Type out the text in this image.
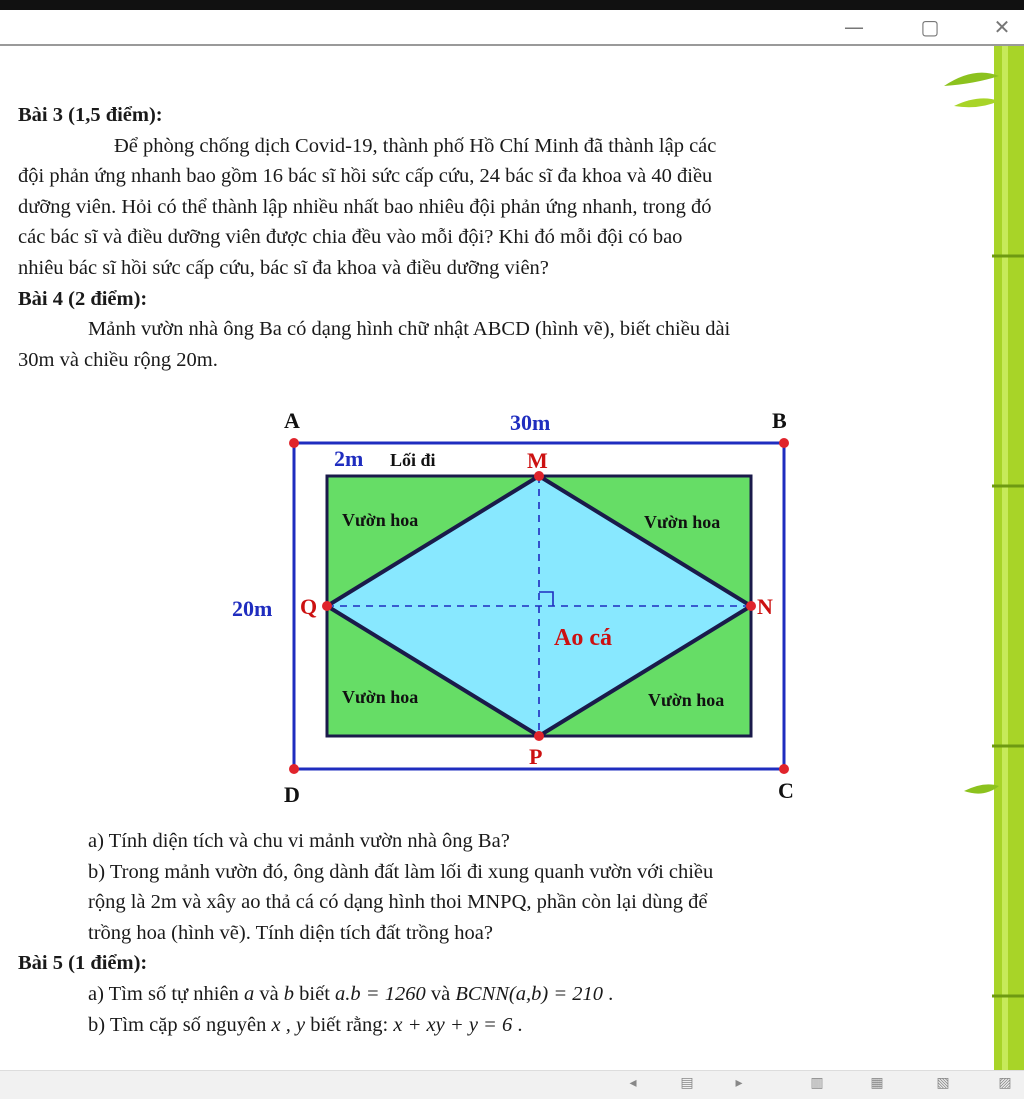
—	▢	✕

Bài 3 (1,5 điểm):

Để phòng chống dịch Covid-19, thành phố Hồ Chí Minh đã thành lập các

đội phản ứng nhanh bao gồm 16 bác sĩ hồi sức cấp cứu, 24 bác sĩ đa khoa và 40 điều

dưỡng viên. Hỏi có thể thành lập nhiều nhất bao nhiêu đội phản ứng nhanh, trong đó

các bác sĩ và điều dưỡng viên được chia đều vào mỗi đội? Khi đó mỗi đội có bao

nhiêu bác sĩ hồi sức cấp cứu, bác sĩ đa khoa và điều dưỡng viên?

Bài 4 (2 điểm):

Mảnh vườn nhà ông Ba có dạng hình chữ nhật ABCD (hình vẽ), biết chiều dài

30m và chiều rộng 20m.

A	B
C
D
M
N
P
Q
Ao cá
30m
20m
2m Lối đi
Vườn hoa	Vườn hoa
Vườn hoa	Vườn hoa

a) Tính diện tích và chu vi mảnh vườn nhà ông Ba?

b) Trong mảnh vườn đó, ông dành đất làm lối đi xung quanh vườn với chiều

rộng là 2m và xây ao thả cá có dạng hình thoi MNPQ, phần còn lại dùng để

trồng hoa (hình vẽ). Tính diện tích đất trồng hoa?

Bài 5 (1 điểm):

a) Tìm số tự nhiên a và b biết a.b = 1260 và BCNN(a,b) = 210 .

b) Tìm cặp số nguyên x , y biết rằng: x + xy + y = 6 .

◂	▤	▸	▥	▦	▧	▨
